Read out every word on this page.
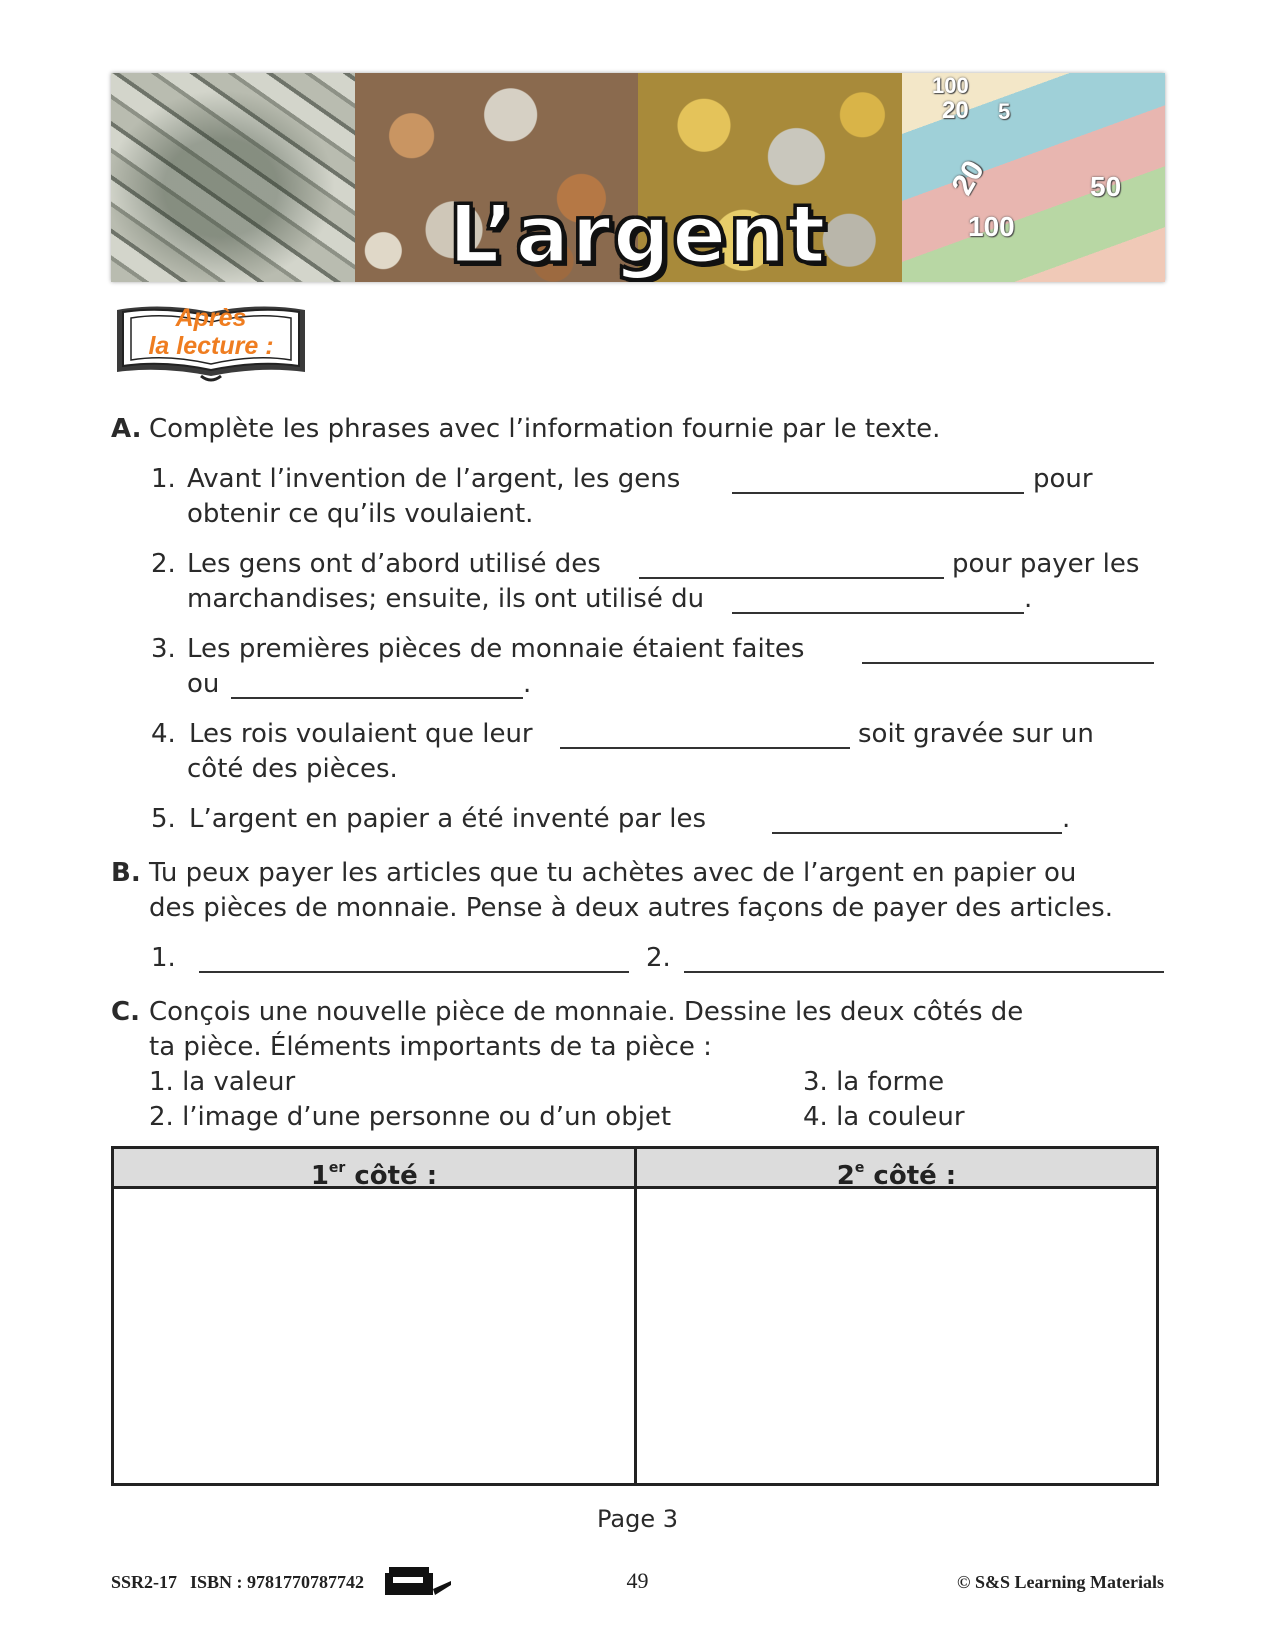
100
20 5
20	50
100
L’argent
Après
la lecture :
A. Complète les phrases avec l’information fournie par le texte.
1. Avant l’invention de l’argent, les gens	pour
obtenir ce qu’ils voulaient.
2. Les gens ont d’abord utilisé des	pour payer les
marchandises; ensuite, ils ont utilisé du	.
3. Les premières pièces de monnaie étaient faites
ou	.
4. Les rois voulaient que leur	soit gravée sur un
côté des pièces.
5. L’argent en papier a été inventé par les	.
B. Tu peux payer les articles que tu achètes avec de l’argent en papier ou
des pièces de monnaie. Pense à deux autres façons de payer des articles.
1.	2.
C. Conçois une nouvelle pièce de monnaie. Dessine les deux côtés de
ta pièce. Éléments importants de ta pièce :
1. la valeur
2. l’image d’une personne ou d’un objet
3. la forme
4. la couleur
1er côté :	2e côté :
Page 3
SSR2-17 ISBN : 9781770787742	49	© S&S Learning Materials
